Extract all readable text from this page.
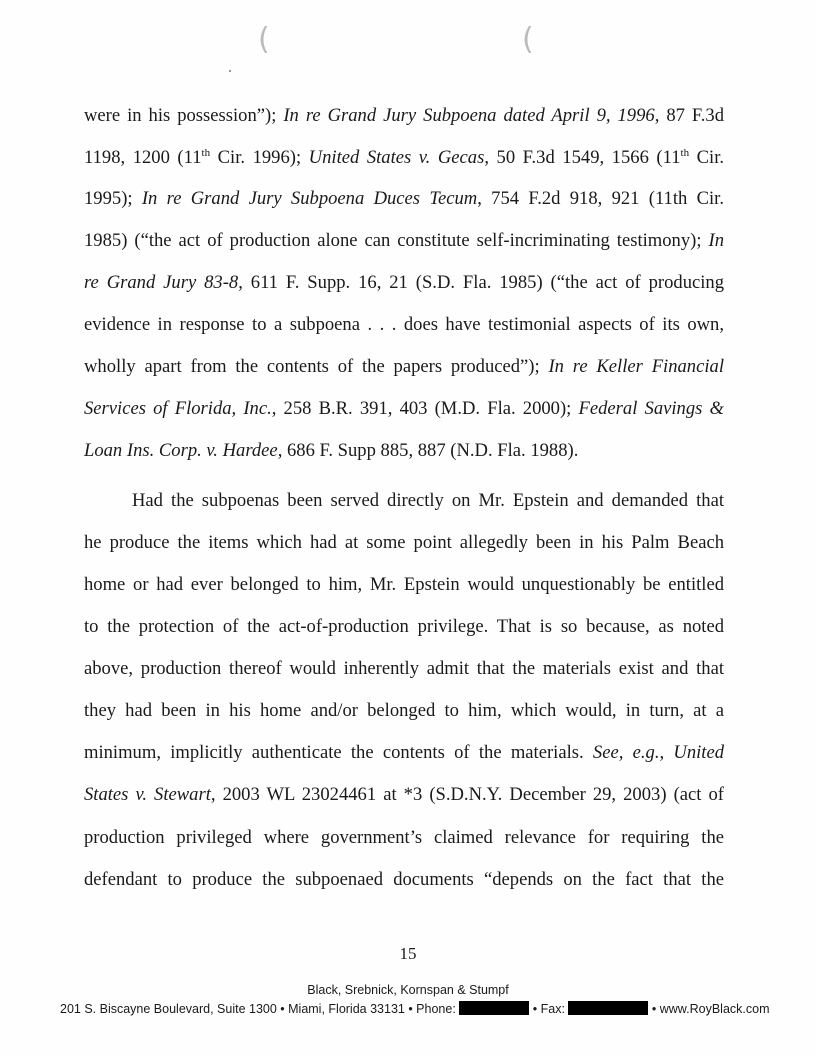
(	(
were in his possession”); In re Grand Jury Subpoena dated April 9, 1996, 87 F.3d
1198, 1200 (11th Cir. 1996); United States v. Gecas, 50 F.3d 1549, 1566 (11th Cir.
1995); In re Grand Jury Subpoena Duces Tecum, 754 F.2d 918, 921 (11th Cir.
1985) (“the act of production alone can constitute self-incriminating testimony); In
re Grand Jury 83-8, 611 F. Supp. 16, 21 (S.D. Fla. 1985) (“the act of producing
evidence in response to a subpoena . . . does have testimonial aspects of its own,
wholly apart from the contents of the papers produced”); In re Keller Financial
Services of Florida, Inc., 258 B.R. 391, 403 (M.D. Fla. 2000); Federal Savings &
Loan Ins. Corp. v. Hardee, 686 F. Supp 885, 887 (N.D. Fla. 1988).
Had the subpoenas been served directly on Mr. Epstein and demanded that
he produce the items which had at some point allegedly been in his Palm Beach
home or had ever belonged to him, Mr. Epstein would unquestionably be entitled
to the protection of the act-of-production privilege. That is so because, as noted
above, production thereof would inherently admit that the materials exist and that
they had been in his home and/or belonged to him, which would, in turn, at a
minimum, implicitly authenticate the contents of the materials. See, e.g., United
States v. Stewart, 2003 WL 23024461 at *3 (S.D.N.Y. December 29, 2003) (act of
production privileged where government’s claimed relevance for requiring the
defendant to produce the subpoenaed documents “depends on the fact that the
15
Black, Srebnick, Kornspan & Stumpf
201 S. Biscayne Boulevard, Suite 1300 • Miami, Florida 33131 • Phone:	• Fax:	• www.RoyBlack.com
